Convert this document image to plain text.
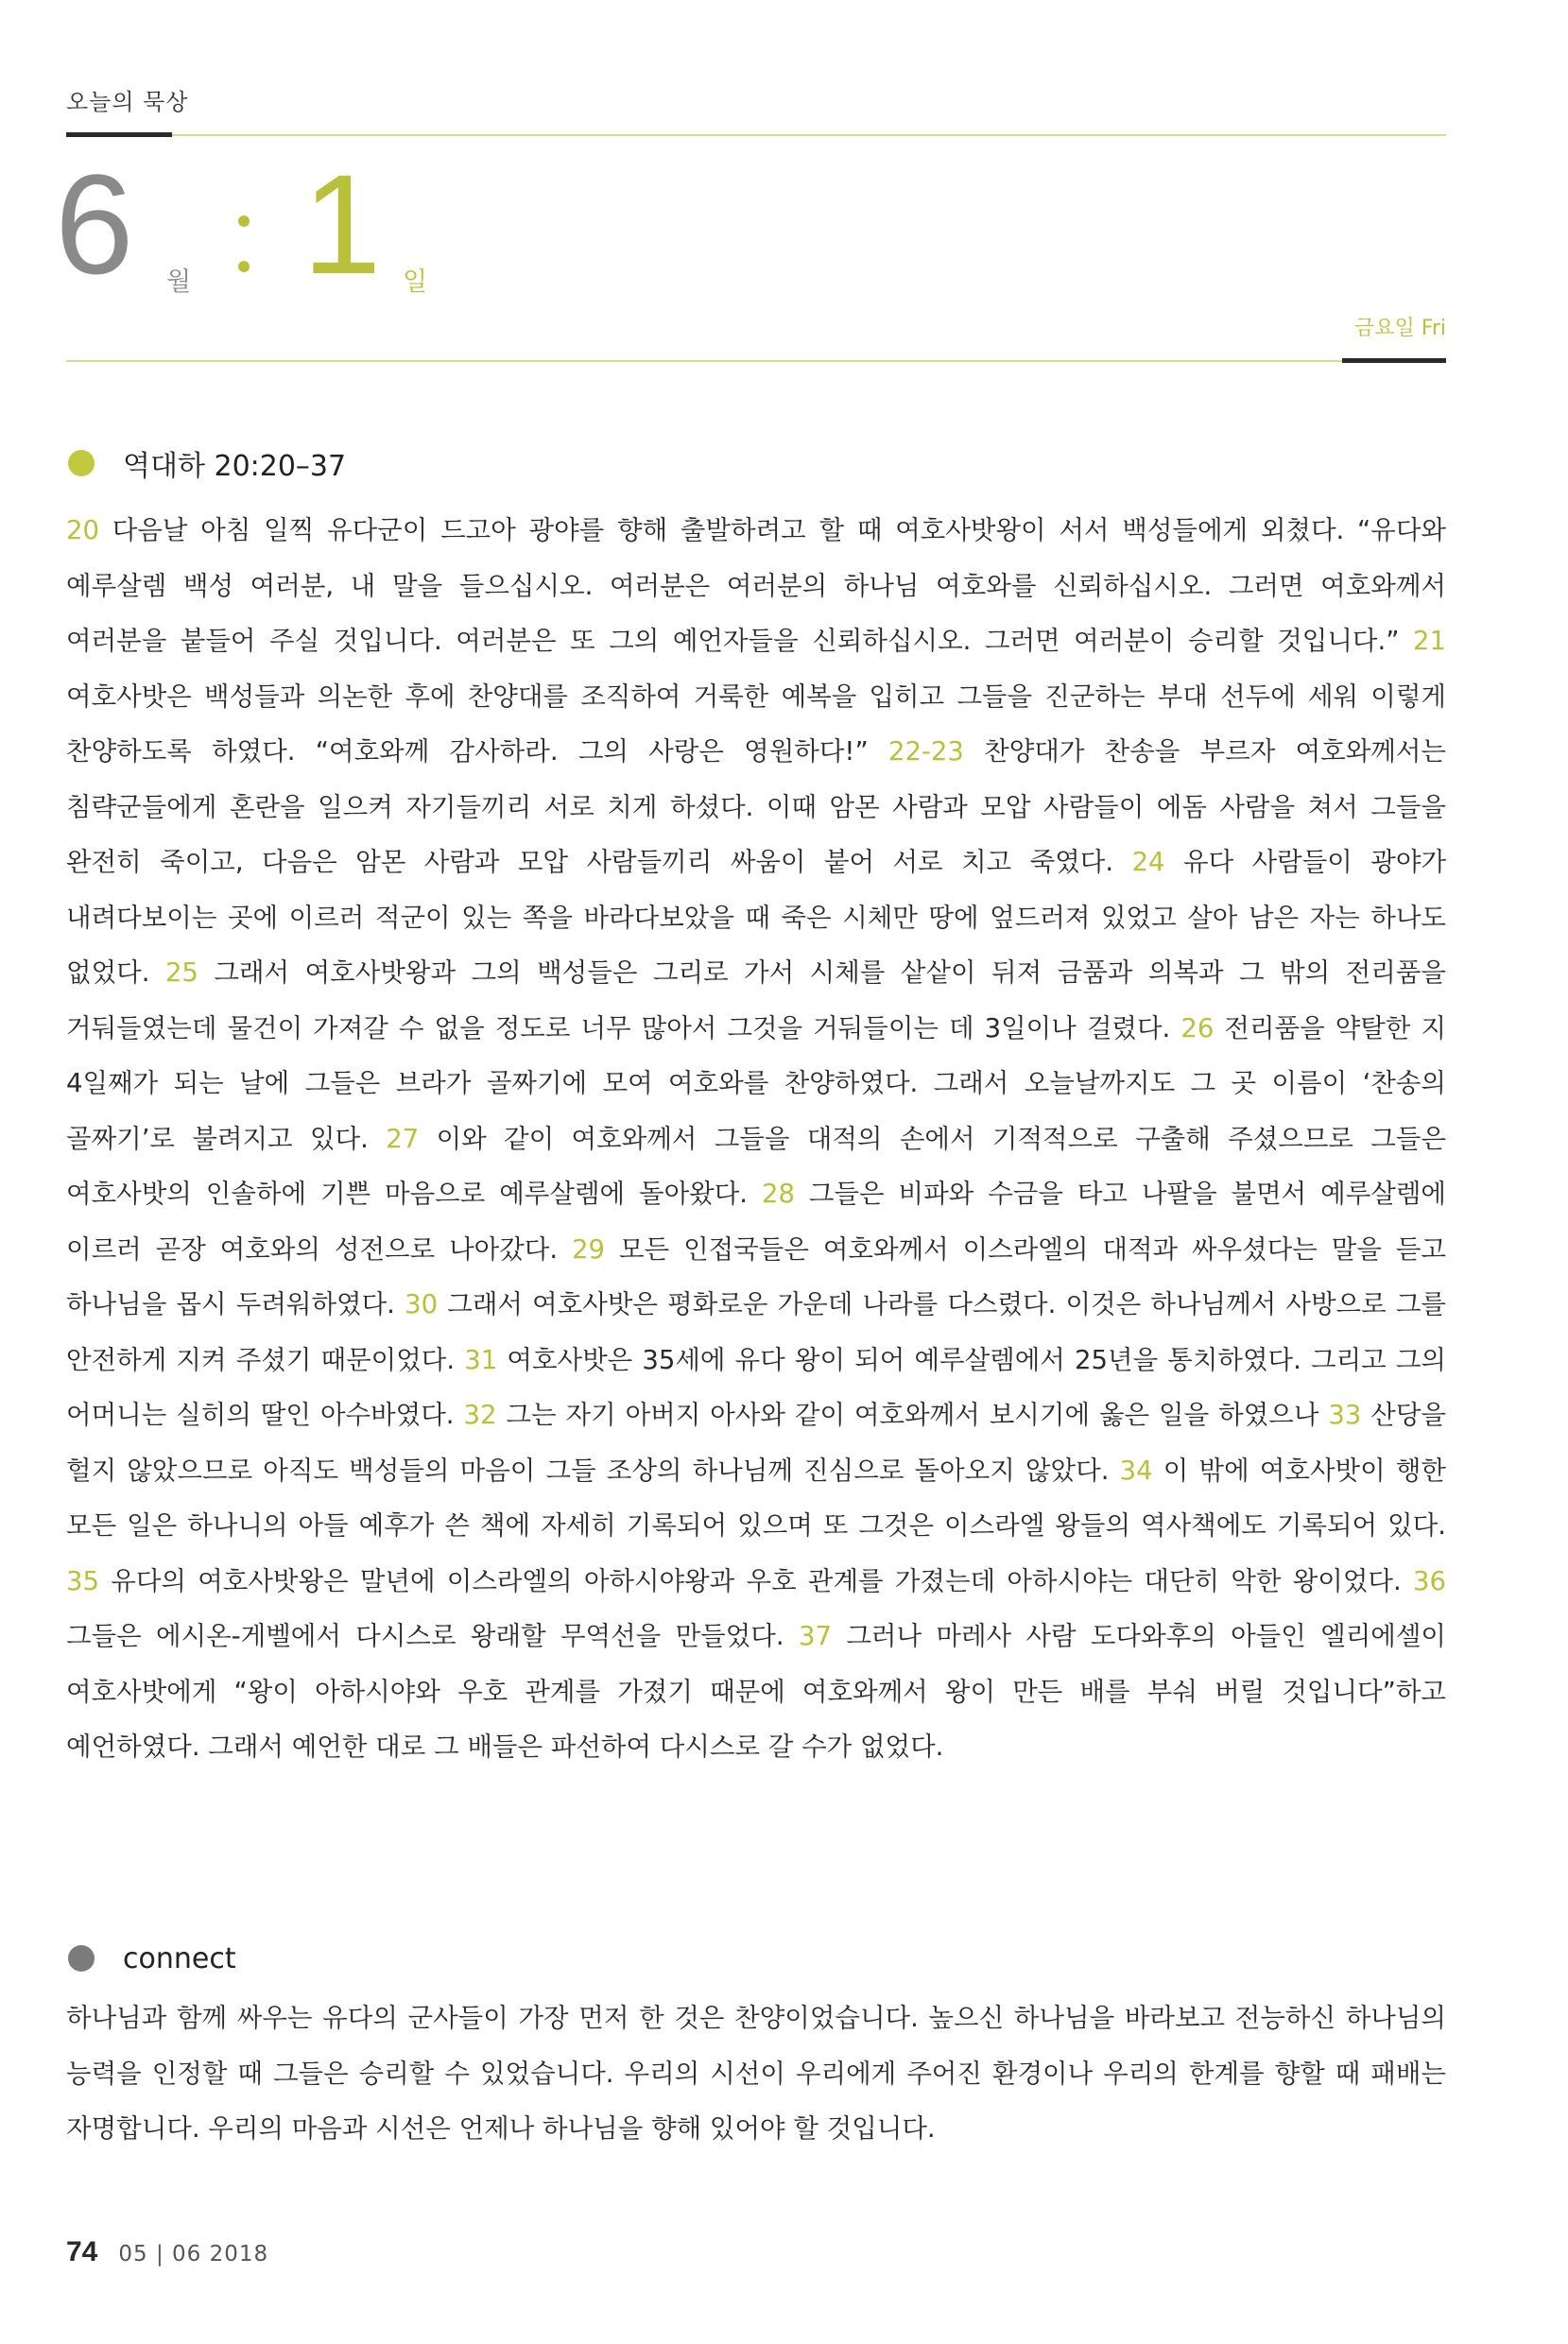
오늘의 묵상
6 월 1 일
금요일 Fri
역대하 20:20–37
20 다음날 아침 일찍 유다군이 드고아 광야를 향해 출발하려고 할 때 여호사밧왕이 서서 백성들에게 외쳤다. “유다와 예루살렘 백성 여러분, 내 말을 들으십시오. 여러분은 여러분의 하나님 여호와를 신뢰하십시오. 그러면 여호와께서 여러분을 붙들어 주실 것입니다. 여러분은 또 그의 예언자들을 신뢰하십시오. 그러면 여러분이 승리할 것입니다.” 21 여호사밧은 백성들과 의논한 후에 찬양대를 조직하여 거룩한 예복을 입히고 그들을 진군하는 부대 선두에 세워 이렇게 찬양하도록 하였다. “여호와께 감사하라. 그의 사랑은 영원하다!” 22-23 찬양대가 찬송을 부르자 여호와께서는 침략군들에게 혼란을 일으켜 자기들끼리 서로 치게 하셨다. 이때 암몬 사람과 모압 사람들이 에돔 사람을 쳐서 그들을 완전히 죽이고, 다음은 암몬 사람과 모압 사람들끼리 싸움이 붙어 서로 치고 죽였다. 24 유다 사람들이 광야가 내려다보이는 곳에 이르러 적군이 있는 쪽을 바라다보았을 때 죽은 시체만 땅에 엎드러져 있었고 살아 남은 자는 하나도 없었다. 25 그래서 여호사밧왕과 그의 백성들은 그리로 가서 시체를 샅샅이 뒤져 금품과 의복과 그 밖의 전리품을 거둬들였는데 물건이 가져갈 수 없을 정도로 너무 많아서 그것을 거둬들이는 데 3일이나 걸렸다. 26 전리품을 약탈한 지 4일째가 되는 날에 그들은 브라가 골짜기에 모여 여호와를 찬양하였다. 그래서 오늘날까지도 그 곳 이름이 ‘찬송의 골짜기’로 불려지고 있다. 27 이와 같이 여호와께서 그들을 대적의 손에서 기적적으로 구출해 주셨으므로 그들은 여호사밧의 인솔하에 기쁜 마음으로 예루살렘에 돌아왔다. 28 그들은 비파와 수금을 타고 나팔을 불면서 예루살렘에 이르러 곧장 여호와의 성전으로 나아갔다. 29 모든 인접국들은 여호와께서 이스라엘의 대적과 싸우셨다는 말을 듣고 하나님을 몹시 두려워하였다. 30 그래서 여호사밧은 평화로운 가운데 나라를 다스렸다. 이것은 하나님께서 사방으로 그를 안전하게 지켜 주셨기 때문이었다. 31 여호사밧은 35세에 유다 왕이 되어 예루살렘에서 25년을 통치하였다. 그리고 그의 어머니는 실히의 딸인 아수바였다. 32 그는 자기 아버지 아사와 같이 여호와께서 보시기에 옳은 일을 하였으나 33 산당을 헐지 않았으므로 아직도 백성들의 마음이 그들 조상의 하나님께 진심으로 돌아오지 않았다. 34 이 밖에 여호사밧이 행한 모든 일은 하나니의 아들 예후가 쓴 책에 자세히 기록되어 있으며 또 그것은 이스라엘 왕들의 역사책에도 기록되어 있다. 35 유다의 여호사밧왕은 말년에 이스라엘의 아하시야왕과 우호 관계를 가졌는데 아하시야는 대단히 악한 왕이었다. 36 그들은 에시온-게벨에서 다시스로 왕래할 무역선을 만들었다. 37 그러나 마레사 사람 도다와후의 아들인 엘리에셀이 여호사밧에게 “왕이 아하시야와 우호 관계를 가졌기 때문에 여호와께서 왕이 만든 배를 부숴 버릴 것입니다”하고 예언하였다. 그래서 예언한 대로 그 배들은 파선하여 다시스로 갈 수가 없었다.
connect
하나님과 함께 싸우는 유다의 군사들이 가장 먼저 한 것은 찬양이었습니다. 높으신 하나님을 바라보고 전능하신 하나님의 능력을 인정할 때 그들은 승리할 수 있었습니다. 우리의 시선이 우리에게 주어진 환경이나 우리의 한계를 향할 때 패배는 자명합니다. 우리의 마음과 시선은 언제나 하나님을 향해 있어야 할 것입니다.
74 05 | 06 2018
